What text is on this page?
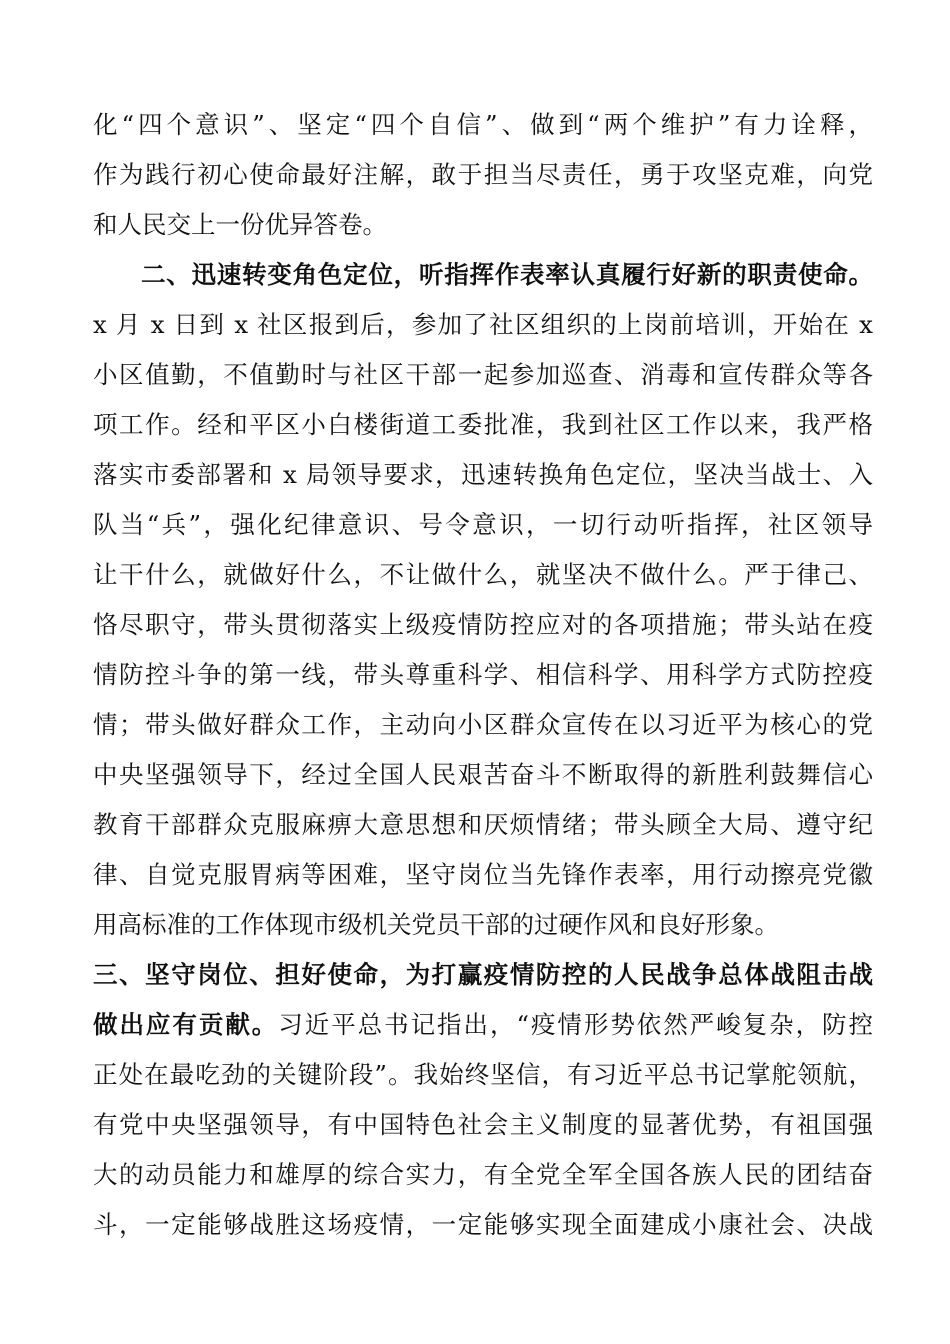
化“四个意识”、坚定“四个自信”、做到“两个维护”有力诠释，
作为践行初心使命最好注解，敢于担当尽责任，勇于攻坚克难，向党
和人民交上一份优异答卷。
二、迅速转变角色定位，听指挥作表率认真履行好新的职责使命。
x 月 x 日到 x 社区报到后，参加了社区组织的上岗前培训，开始在 x
小区值勤，不值勤时与社区干部一起参加巡查、消毒和宣传群众等各
项工作。经和平区小白楼街道工委批准，我到社区工作以来，我严格
落实市委部署和 x 局领导要求，迅速转换角色定位，坚决当战士、入
队当“兵”，强化纪律意识、号令意识，一切行动听指挥，社区领导
让干什么，就做好什么，不让做什么，就坚决不做什么。严于律己、
恪尽职守，带头贯彻落实上级疫情防控应对的各项措施；带头站在疫
情防控斗争的第一线，带头尊重科学、相信科学、用科学方式防控疫
情；带头做好群众工作，主动向小区群众宣传在以习近平为核心的党
中央坚强领导下，经过全国人民艰苦奋斗不断取得的新胜利鼓舞信心
教育干部群众克服麻痹大意思想和厌烦情绪；带头顾全大局、遵守纪
律、自觉克服胃病等困难，坚守岗位当先锋作表率，用行动擦亮党徽
用高标准的工作体现市级机关党员干部的过硬作风和良好形象。
三、坚守岗位、担好使命，为打赢疫情防控的人民战争总体战阻击战
做出应有贡献。习近平总书记指出，“疫情形势依然严峻复杂，防控
正处在最吃劲的关键阶段”。我始终坚信，有习近平总书记掌舵领航，
有党中央坚强领导，有中国特色社会主义制度的显著优势，有祖国强
大的动员能力和雄厚的综合实力，有全党全军全国各族人民的团结奋
斗，一定能够战胜这场疫情，一定能够实现全面建成小康社会、决战
